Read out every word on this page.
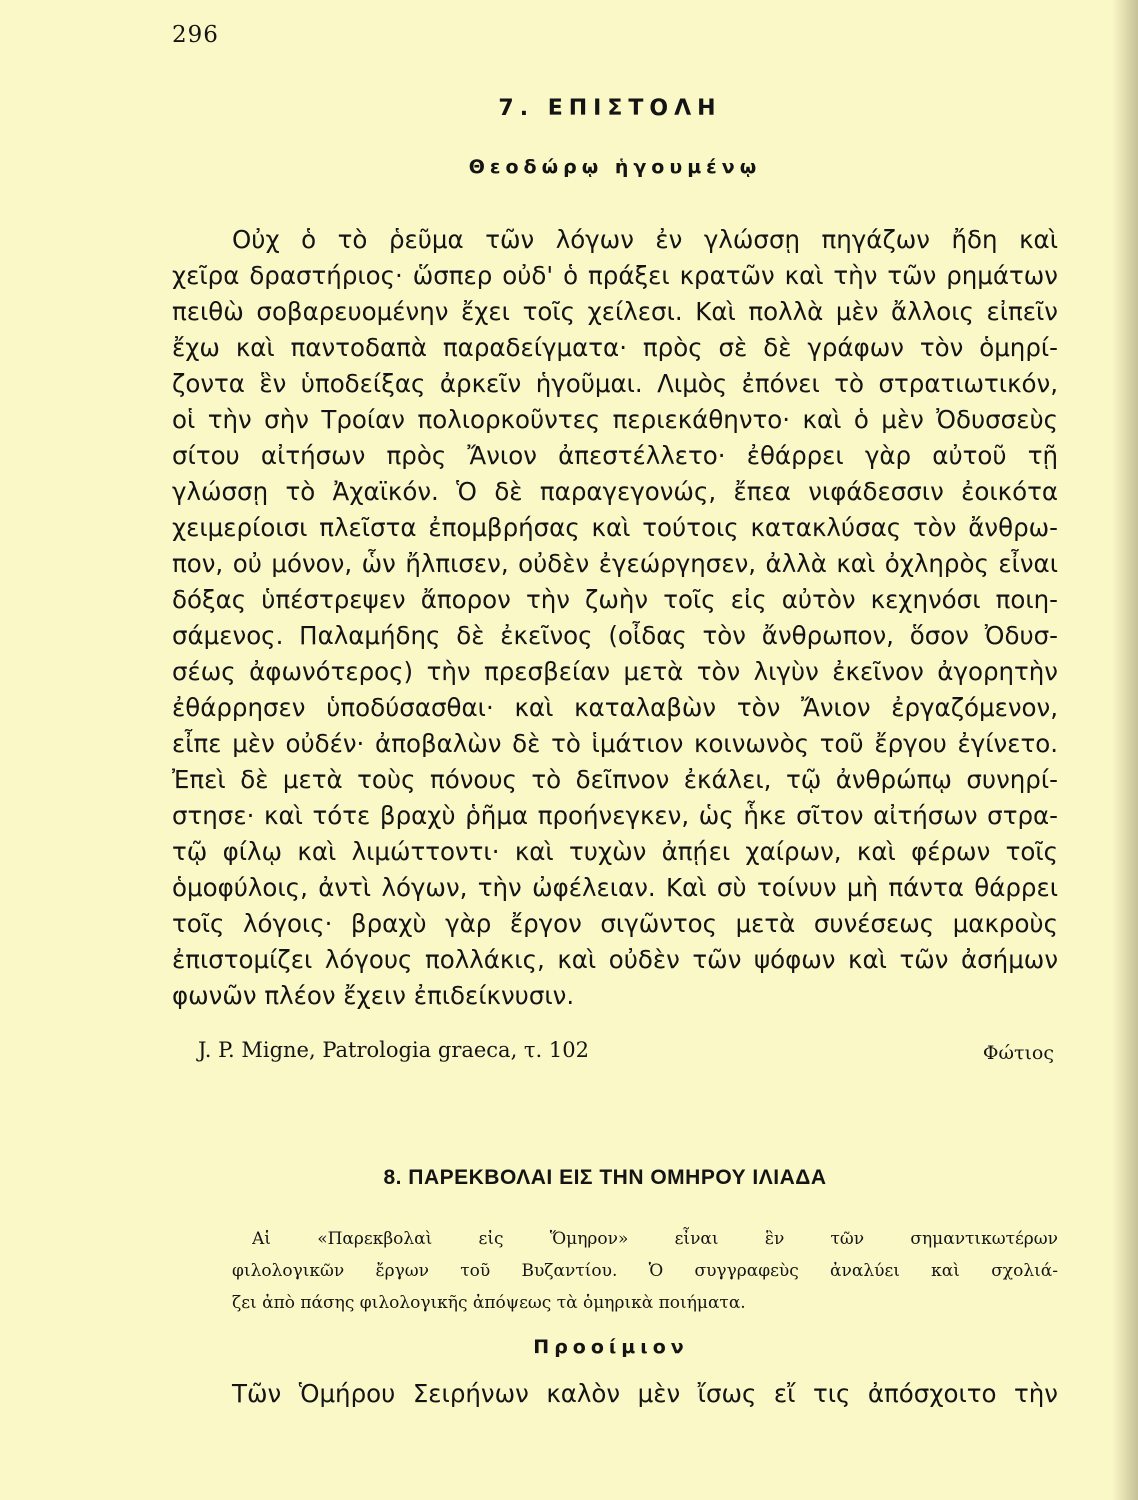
296
7. ΕΠΙΣΤΟΛΗ
Θεοδώρῳ ἡγουμένῳ
Οὐχ ὁ τὸ ῥεῦμα τῶν λόγων ἐν γλώσσῃ πηγάζων ἤδη καὶ
χεῖρα δραστήριος· ὥσπερ οὐδ' ὁ πράξει κρατῶν καὶ τὴν τῶν ρημάτων
πειθὼ σοβαρευομένην ἔχει τοῖς χείλεσι. Καὶ πολλὰ μὲν ἄλλοις εἰπεῖν
ἔχω καὶ παντοδαπὰ παραδείγματα· πρὸς σὲ δὲ γράφων τὸν ὁμηρί-
ζοντα ἓν ὑποδείξας ἀρκεῖν ἡγοῦμαι. Λιμὸς ἐπόνει τὸ στρατιωτικόν,
οἱ τὴν σὴν Τροίαν πολιορκοῦντες περιεκάθηντο· καὶ ὁ μὲν Ὀδυσσεὺς
σίτου αἰτήσων πρὸς Ἄνιον ἀπεστέλλετο· ἐθάρρει γὰρ αὐτοῦ τῇ
γλώσσῃ τὸ Ἀχαϊκόν. Ὁ δὲ παραγεγονώς, ἔπεα νιφάδεσσιν ἐοικότα
χειμερίοισι πλεῖστα ἐπομβρήσας καὶ τούτοις κατακλύσας τὸν ἄνθρω-
πον, οὐ μόνον, ὧν ἤλπισεν, οὐδὲν ἐγεώργησεν, ἀλλὰ καὶ ὀχληρὸς εἶναι
δόξας ὑπέστρεψεν ἄπορον τὴν ζωὴν τοῖς εἰς αὐτὸν κεχηνόσι ποιη-
σάμενος. Παλαμήδης δὲ ἐκεῖνος (οἶδας τὸν ἄνθρωπον, ὅσον Ὀδυσ-
σέως ἀφωνότερος) τὴν πρεσβείαν μετὰ τὸν λιγὺν ἐκεῖνον ἀγορητὴν
ἐθάρρησεν ὑποδύσασθαι· καὶ καταλαβὼν τὸν Ἄνιον ἐργαζόμενον,
εἶπε μὲν οὐδέν· ἀποβαλὼν δὲ τὸ ἱμάτιον κοινωνὸς τοῦ ἔργου ἐγίνετο.
Ἐπεὶ δὲ μετὰ τοὺς πόνους τὸ δεῖπνον ἐκάλει, τῷ ἀνθρώπῳ συνηρί-
στησε· καὶ τότε βραχὺ ῥῆμα προήνεγκεν, ὡς ἧκε σῖτον αἰτήσων στρα-
τῷ φίλῳ καὶ λιμώττοντι· καὶ τυχὼν ἀπῄει χαίρων, καὶ φέρων τοῖς
ὁμοφύλοις, ἀντὶ λόγων, τὴν ὠφέλειαν. Καὶ σὺ τοίνυν μὴ πάντα θάρρει
τοῖς λόγοις· βραχὺ γὰρ ἔργον σιγῶντος μετὰ συνέσεως μακροὺς
ἐπιστομίζει λόγους πολλάκις, καὶ οὐδὲν τῶν ψόφων καὶ τῶν ἀσήμων
φωνῶν πλέον ἔχειν ἐπιδείκνυσιν.
J. P. Migne, Patrologia graeca, τ. 102	Φώτιος
8. ΠΑΡΕΚΒΟΛΑΙ ΕΙΣ ΤΗΝ ΟΜΗΡΟΥ ΙΛΙΑΔΑ
Αἱ «Παρεκβολαὶ εἰς Ὅμηρον» εἶναι ἓν τῶν σημαντικωτέρων
φιλολογικῶν ἔργων τοῦ Βυζαντίου. Ὁ συγγραφεὺς ἀναλύει καὶ σχολιά-
ζει ἀπὸ πάσης φιλολογικῆς ἀπόψεως τὰ ὁμηρικὰ ποιήματα.
Προοίμιον
Τῶν Ὁμήρου Σειρήνων καλὸν μὲν ἴσως εἴ τις ἀπόσχοιτο τὴν
